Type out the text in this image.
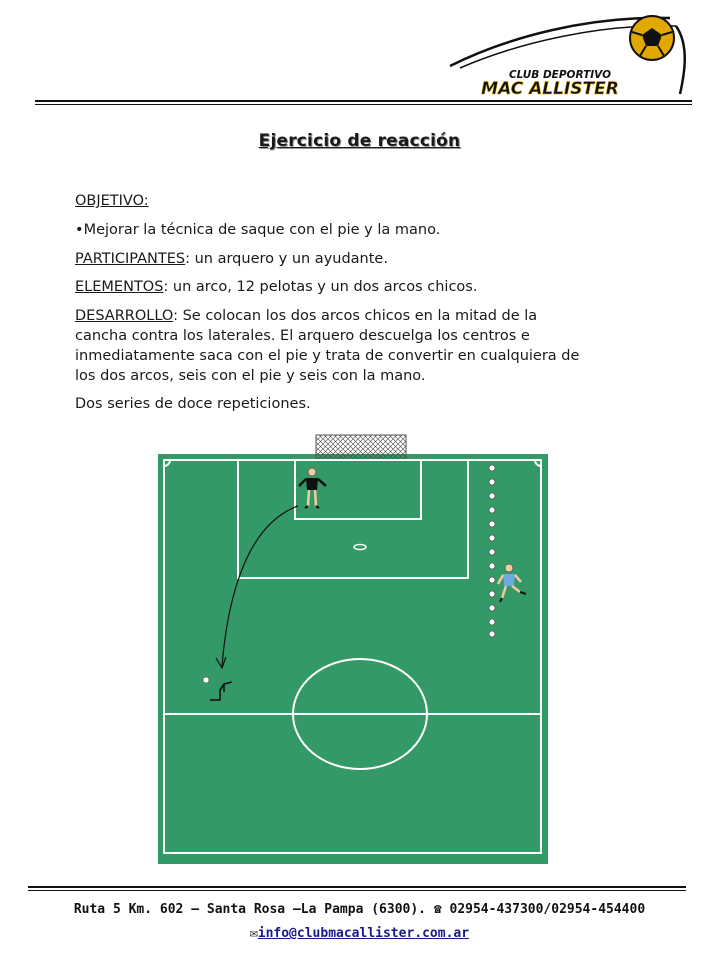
CLUB DEPORTIVO
MAC ALLISTER
Ejercicio de reacción
OBJETIVO:
•Mejorar la técnica de saque con el pie y la mano.
PARTICIPANTES: un arquero y un ayudante.
ELEMENTOS: un arco, 12 pelotas y un dos arcos chicos.
DESARROLLO: Se colocan los dos arcos chicos en la mitad de la
cancha contra los laterales. El arquero descuelga los centros e
inmediatamente saca con el pie y trata de convertir en cualquiera de
los dos arcos, seis con el pie y seis con la mano.
Dos series de doce repeticiones.
Ruta 5 Km. 602 – Santa Rosa –La Pampa (6300). ☎ 02954-437300/02954-454400
✉info@clubmacallister.com.ar
